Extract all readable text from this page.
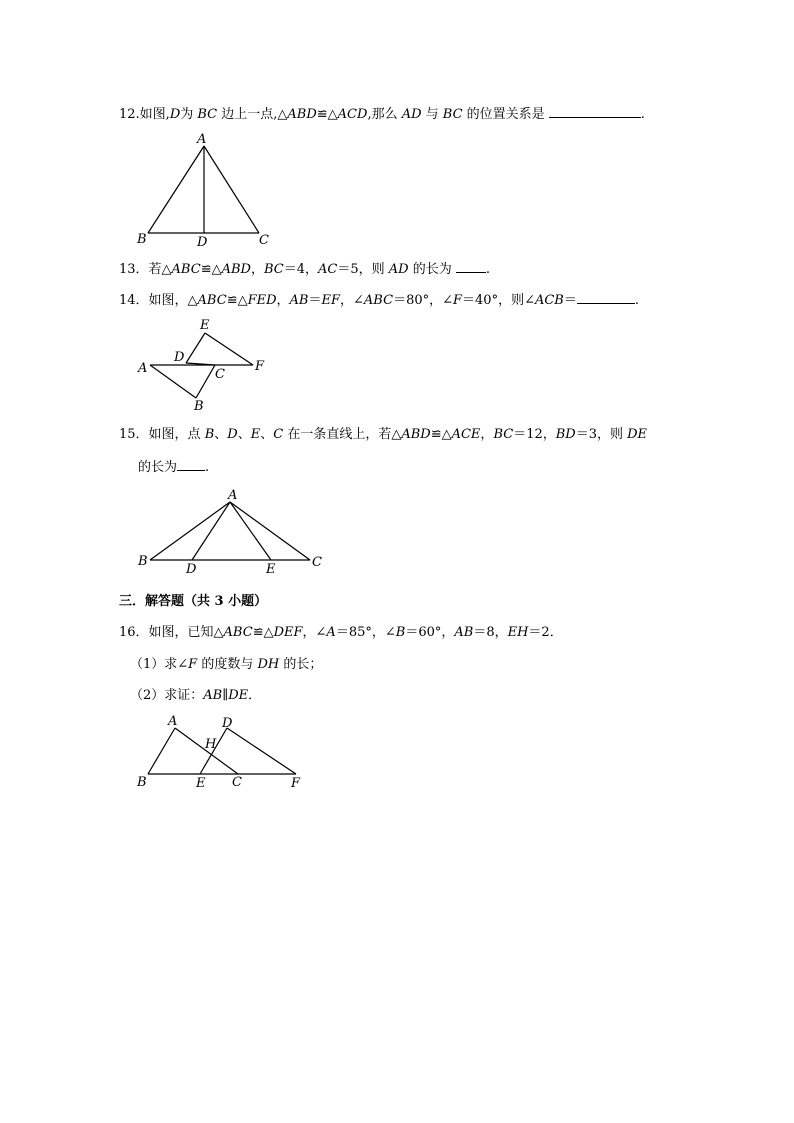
12.如图,D为 BC 边上一点,△ABD≌△ACD,那么 AD 与 BC 的位置关系是	.
A
B	D	C
13．若△ABC≌△ABD，BC＝4，AC＝5，则 AD 的长为 .
14．如图，△ABC≌△FED，AB＝EF，∠ABC＝80°，∠F＝40°，则∠ACB＝	.
E
D
A	F
C
B
15．如图，点 B、D、E、C 在一条直线上，若△ABD≌△ACE，BC＝12，BD＝3，则 DE
的长为 .
A
B
D	E	C
三．解答题（共 3 小题）
16．如图，已知△ABC≌△DEF，∠A＝85°，∠B＝60°，AB＝8，EH＝2．
（1）求∠F 的度数与 DH 的长；
（2）求证：AB∥DE．
A	D
H
B	E C	F
